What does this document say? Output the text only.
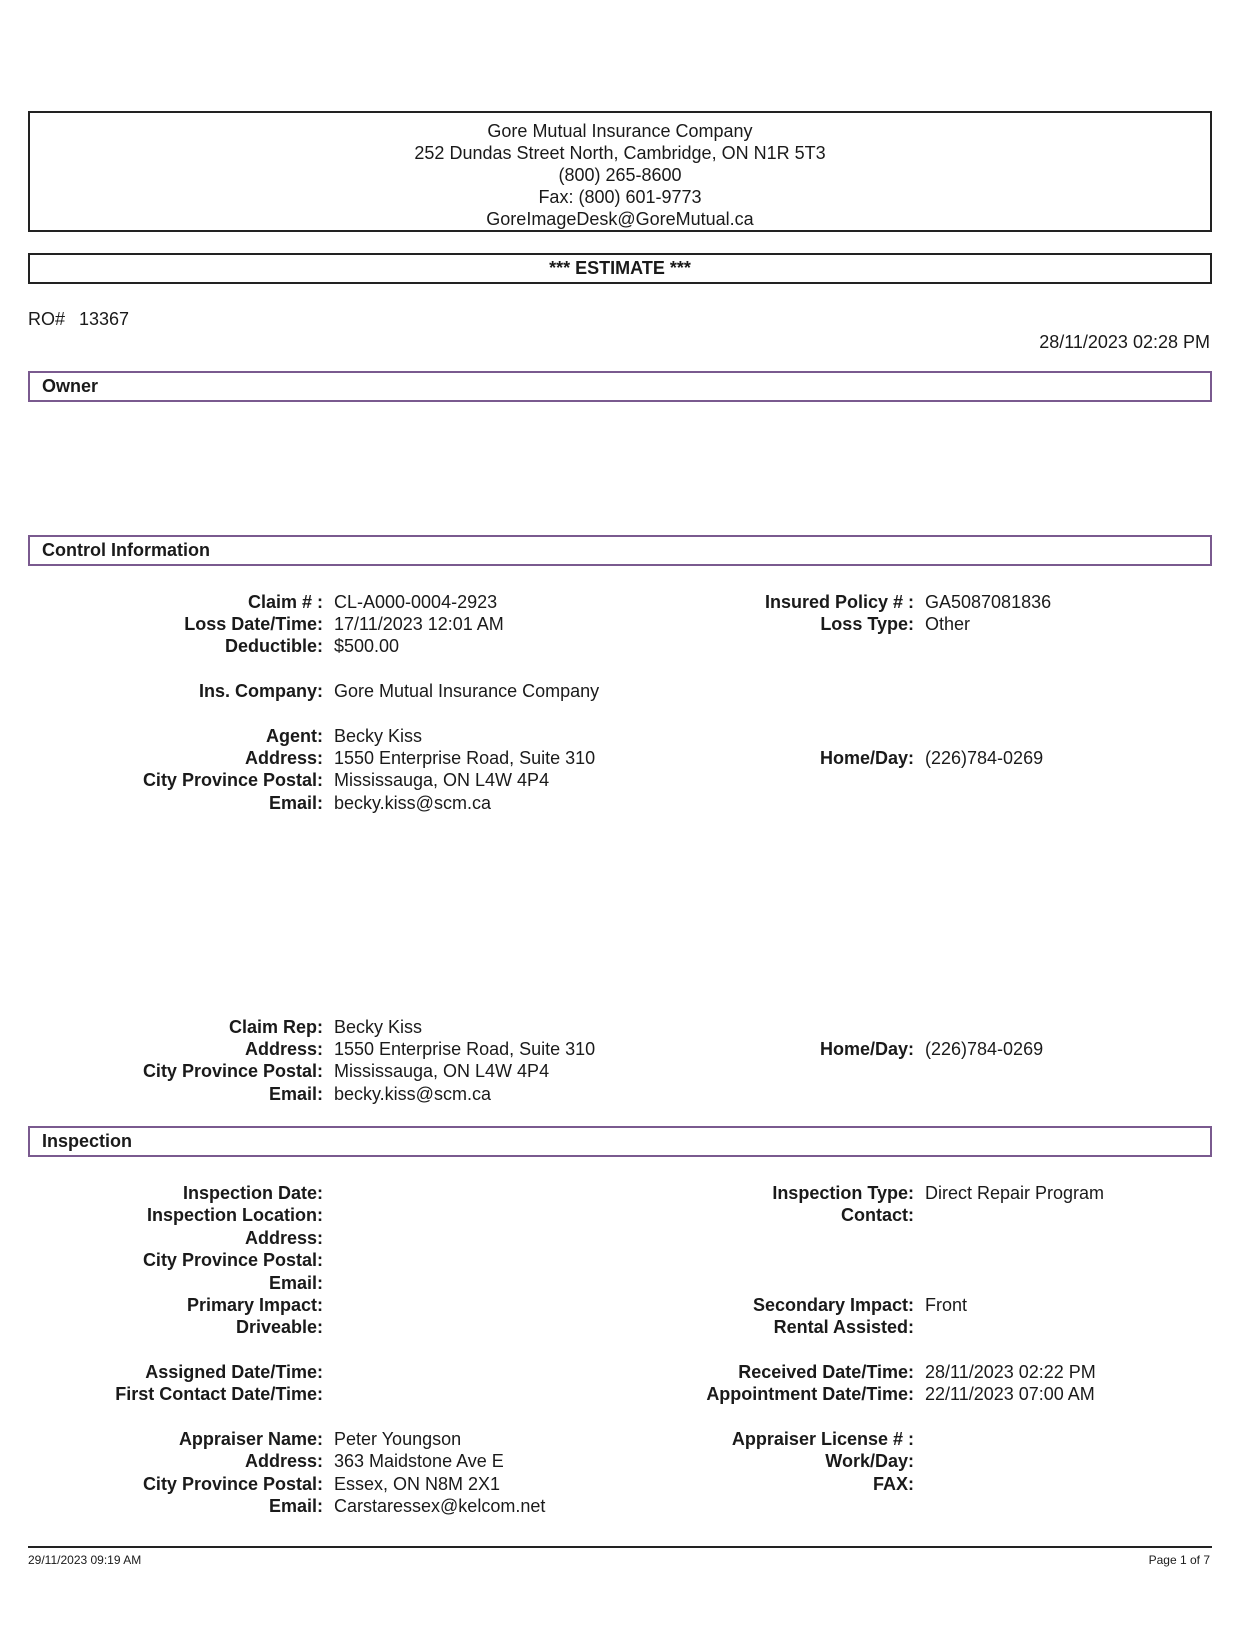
Gore Mutual Insurance Company
252 Dundas Street North, Cambridge, ON N1R 5T3
(800) 265-8600
Fax: (800) 601-9773
GoreImageDesk@GoreMutual.ca
*** ESTIMATE ***
RO# 13367
28/11/2023 02:28 PM
Owner
Control Information
Claim # : CL-A000-0004-2923
Loss Date/Time: 17/11/2023 12:01 AM
Deductible: $500.00
Insured Policy # : GA5087081836
Loss Type: Other
Ins. Company: Gore Mutual Insurance Company
Agent: Becky Kiss
Address: 1550 Enterprise Road, Suite 310
City Province Postal: Mississauga, ON L4W 4P4
Email: becky.kiss@scm.ca
Home/Day: (226)784-0269
Claim Rep: Becky Kiss
Address: 1550 Enterprise Road, Suite 310
City Province Postal: Mississauga, ON L4W 4P4
Email: becky.kiss@scm.ca
Home/Day: (226)784-0269
Inspection
Inspection Date:
Inspection Location:
Address:
City Province Postal:
Email:
Primary Impact:
Driveable:
Inspection Type: Direct Repair Program
Contact:
Secondary Impact: Front
Rental Assisted:
Assigned Date/Time:
First Contact Date/Time:
Received Date/Time: 28/11/2023 02:22 PM
Appointment Date/Time: 22/11/2023 07:00 AM
Appraiser Name: Peter Youngson
Address: 363 Maidstone Ave E
City Province Postal: Essex, ON N8M 2X1
Email: Carstaressex@kelcom.net
Appraiser License # :
Work/Day:
FAX:
29/11/2023 09:19 AM	Page 1 of 7
